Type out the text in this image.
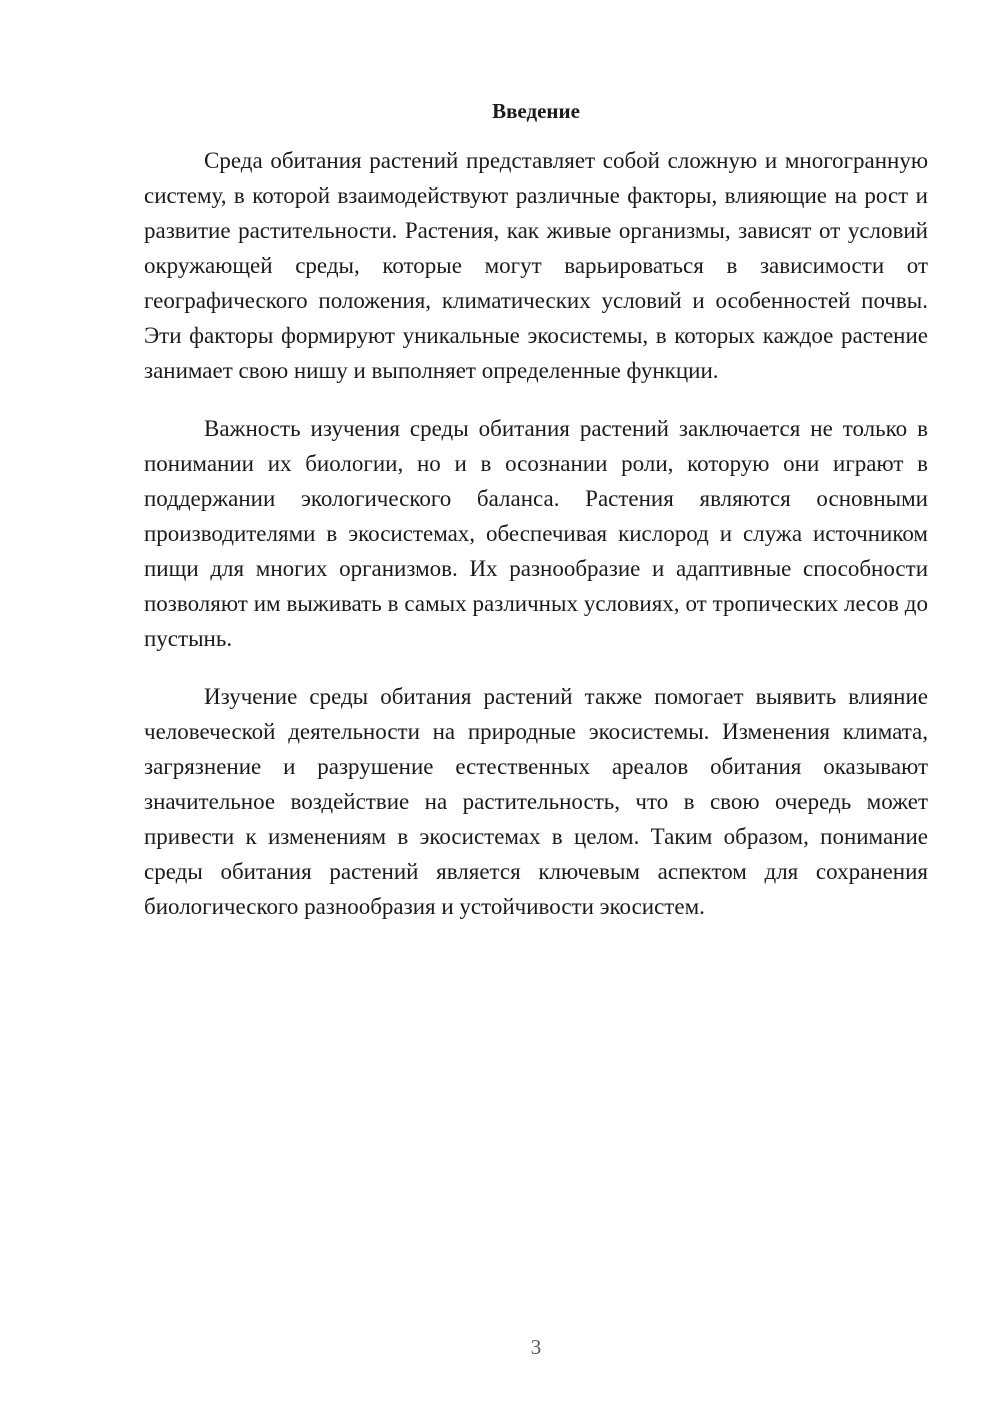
Введение

Среда обитания растений представляет собой сложную и многогранную систему, в которой взаимодействуют различные факторы, влияющие на рост и развитие растительности. Растения, как живые организмы, зависят от условий окружающей среды, которые могут варьироваться в зависимости от географического положения, климатических условий и особенностей почвы. Эти факторы формируют уникальные экосистемы, в которых каждое растение занимает свою нишу и выполняет определенные функции.

Важность изучения среды обитания растений заключается не только в понимании их биологии, но и в осознании роли, которую они играют в поддержании экологического баланса. Растения являются основными производителями в экосистемах, обеспечивая кислород и служа источником пищи для многих организмов. Их разнообразие и адаптивные способности позволяют им выживать в самых различных условиях, от тропических лесов до пустынь.

Изучение среды обитания растений также помогает выявить влияние человеческой деятельности на природные экосистемы. Изменения климата, загрязнение и разрушение естественных ареалов обитания оказывают значительное воздействие на растительность, что в свою очередь может привести к изменениям в экосистемах в целом. Таким образом, понимание среды обитания растений является ключевым аспектом для сохранения биологического разнообразия и устойчивости экосистем.

3
